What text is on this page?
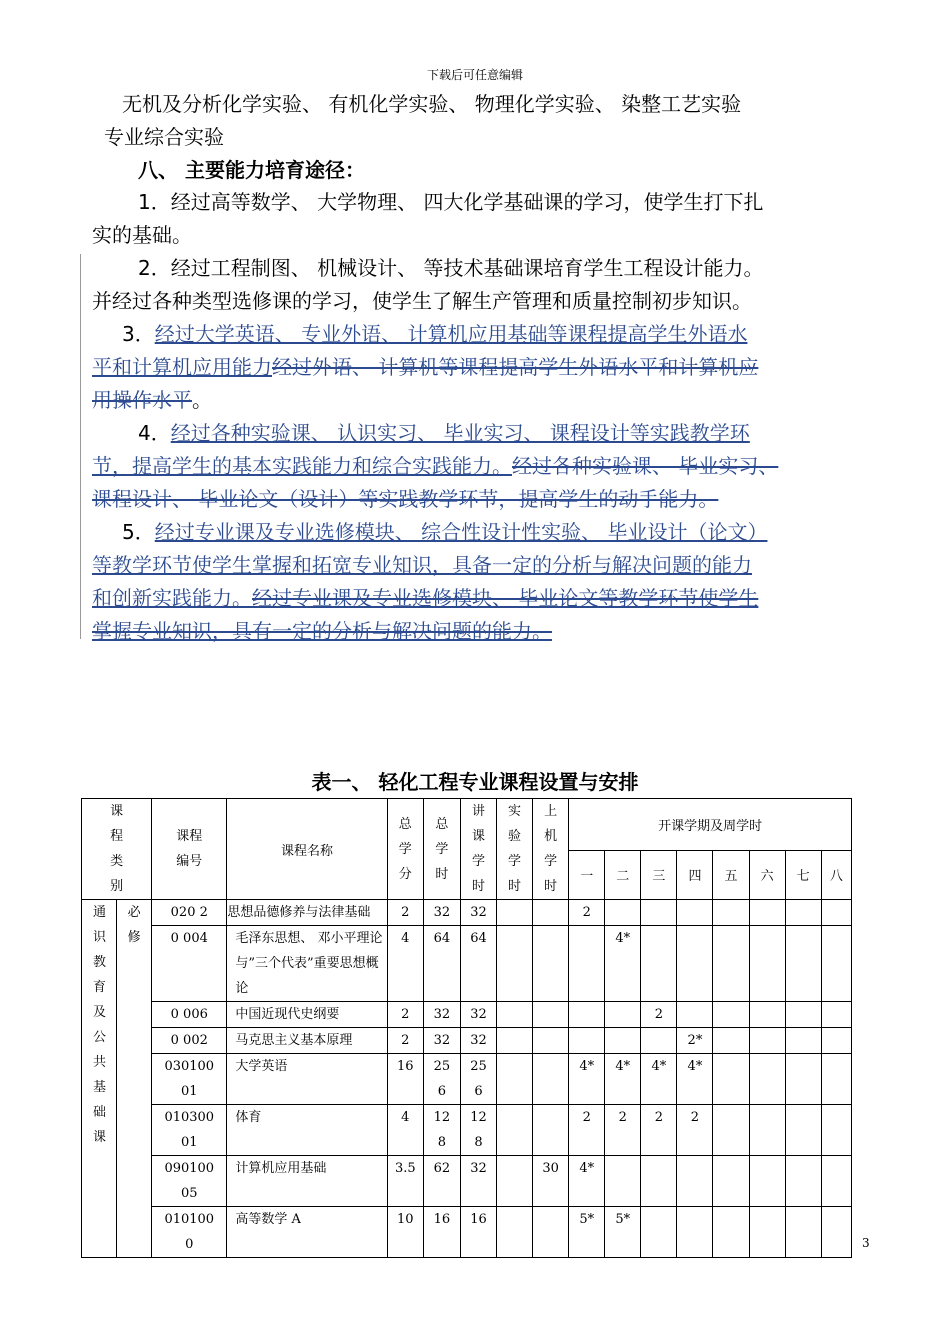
下载后可任意编辑
无机及分析化学实验、 有机化学实验、 物理化学实验、 染整工艺实验
专业综合实验
八、 主要能力培育途径：
1．经过高等数学、 大学物理、 四大化学基础课的学习，使学生打下扎
实的基础。
2．经过工程制图、 机械设计、 等技术基础课培育学生工程设计能力。
并经过各种类型选修课的学习，使学生了解生产管理和质量控制初步知识。
3．经过大学英语、 专业外语、 计算机应用基础等课程提高学生外语水
平和计算机应用能力经过外语、 计算机等课程提高学生外语水平和计算机应
用操作水平。
4．经过各种实验课、 认识实习、 毕业实习、 课程设计等实践教学环
节，提高学生的基本实践能力和综合实践能力。经过各种实验课、 毕业实习、
课程设计、 毕业论文（设计）等实践教学环节，提高学生的动手能力。
5．经过专业课及专业选修模块、 综合性设计性实验、 毕业设计（论文）
等教学环节使学生掌握和拓宽专业知识，具备一定的分析与解决问题的能力
和创新实践能力。经过专业课及专业选修模块、 毕业论文等教学环节使学生
掌握专业知识，具有一定的分析与解决问题的能力。
表一、 轻化工程专业课程设置与安排
课程类别		课程编号	课程名称	总学分	总学时	讲课学时	实验学时	上机学时	开课学期及周学时							
									一	二	三	四	五	六	七	八
通识教育及公共基础课	必修	020 2	思想品德修养与法律基础	2	32	32			2							
		0 004	毛泽东思想、 邓小平理论与”三个代表”重要思想概论	4	64	64				4*						
		0 006	中国近现代史纲要	2	32	32					2					
		0 002	马克思主义基本原理	2	32	32						2*				
		03010001	大学英语	16	256	256			4*	4*	4*	4*				
		01030001	体育	4	128	128			2	2	2	2				
		09010005	计算机应用基础	3.5	62	32		30	4*							
		0101000	高等数学 A	10	16	16			5*	5*						
3
